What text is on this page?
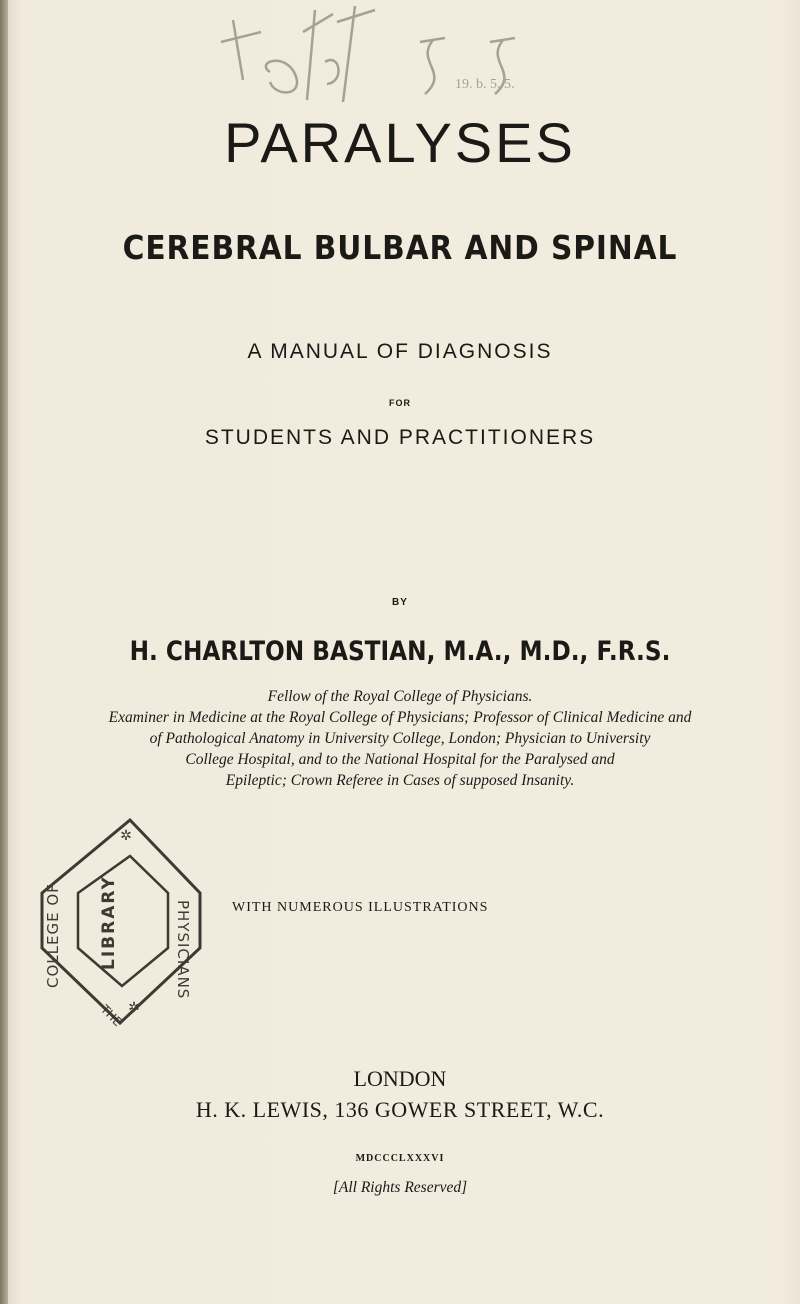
19. b. 5. 5.
PARALYSES
CEREBRAL BULBAR AND SPINAL
A MANUAL OF DIAGNOSIS
FOR
STUDENTS AND PRACTITIONERS
BY
H. CHARLTON BASTIAN, M.A., M.D., F.R.S.
Fellow of the Royal College of Physicians.
Examiner in Medicine at the Royal College of Physicians; Professor of Clinical Medicine and
of Pathological Anatomy in University College, London; Physician to University
College Hospital, and to the National Hospital for the Paralysed and
Epileptic; Crown Referee in Cases of supposed Insanity.
COLLEGE OF LIBRARY	PHYSICIANS
THE
✲
✲
WITH NUMEROUS ILLUSTRATIONS
LONDON
H. K. LEWIS, 136 GOWER STREET, W.C.
MDCCCLXXXVI
[All Rights Reserved]
